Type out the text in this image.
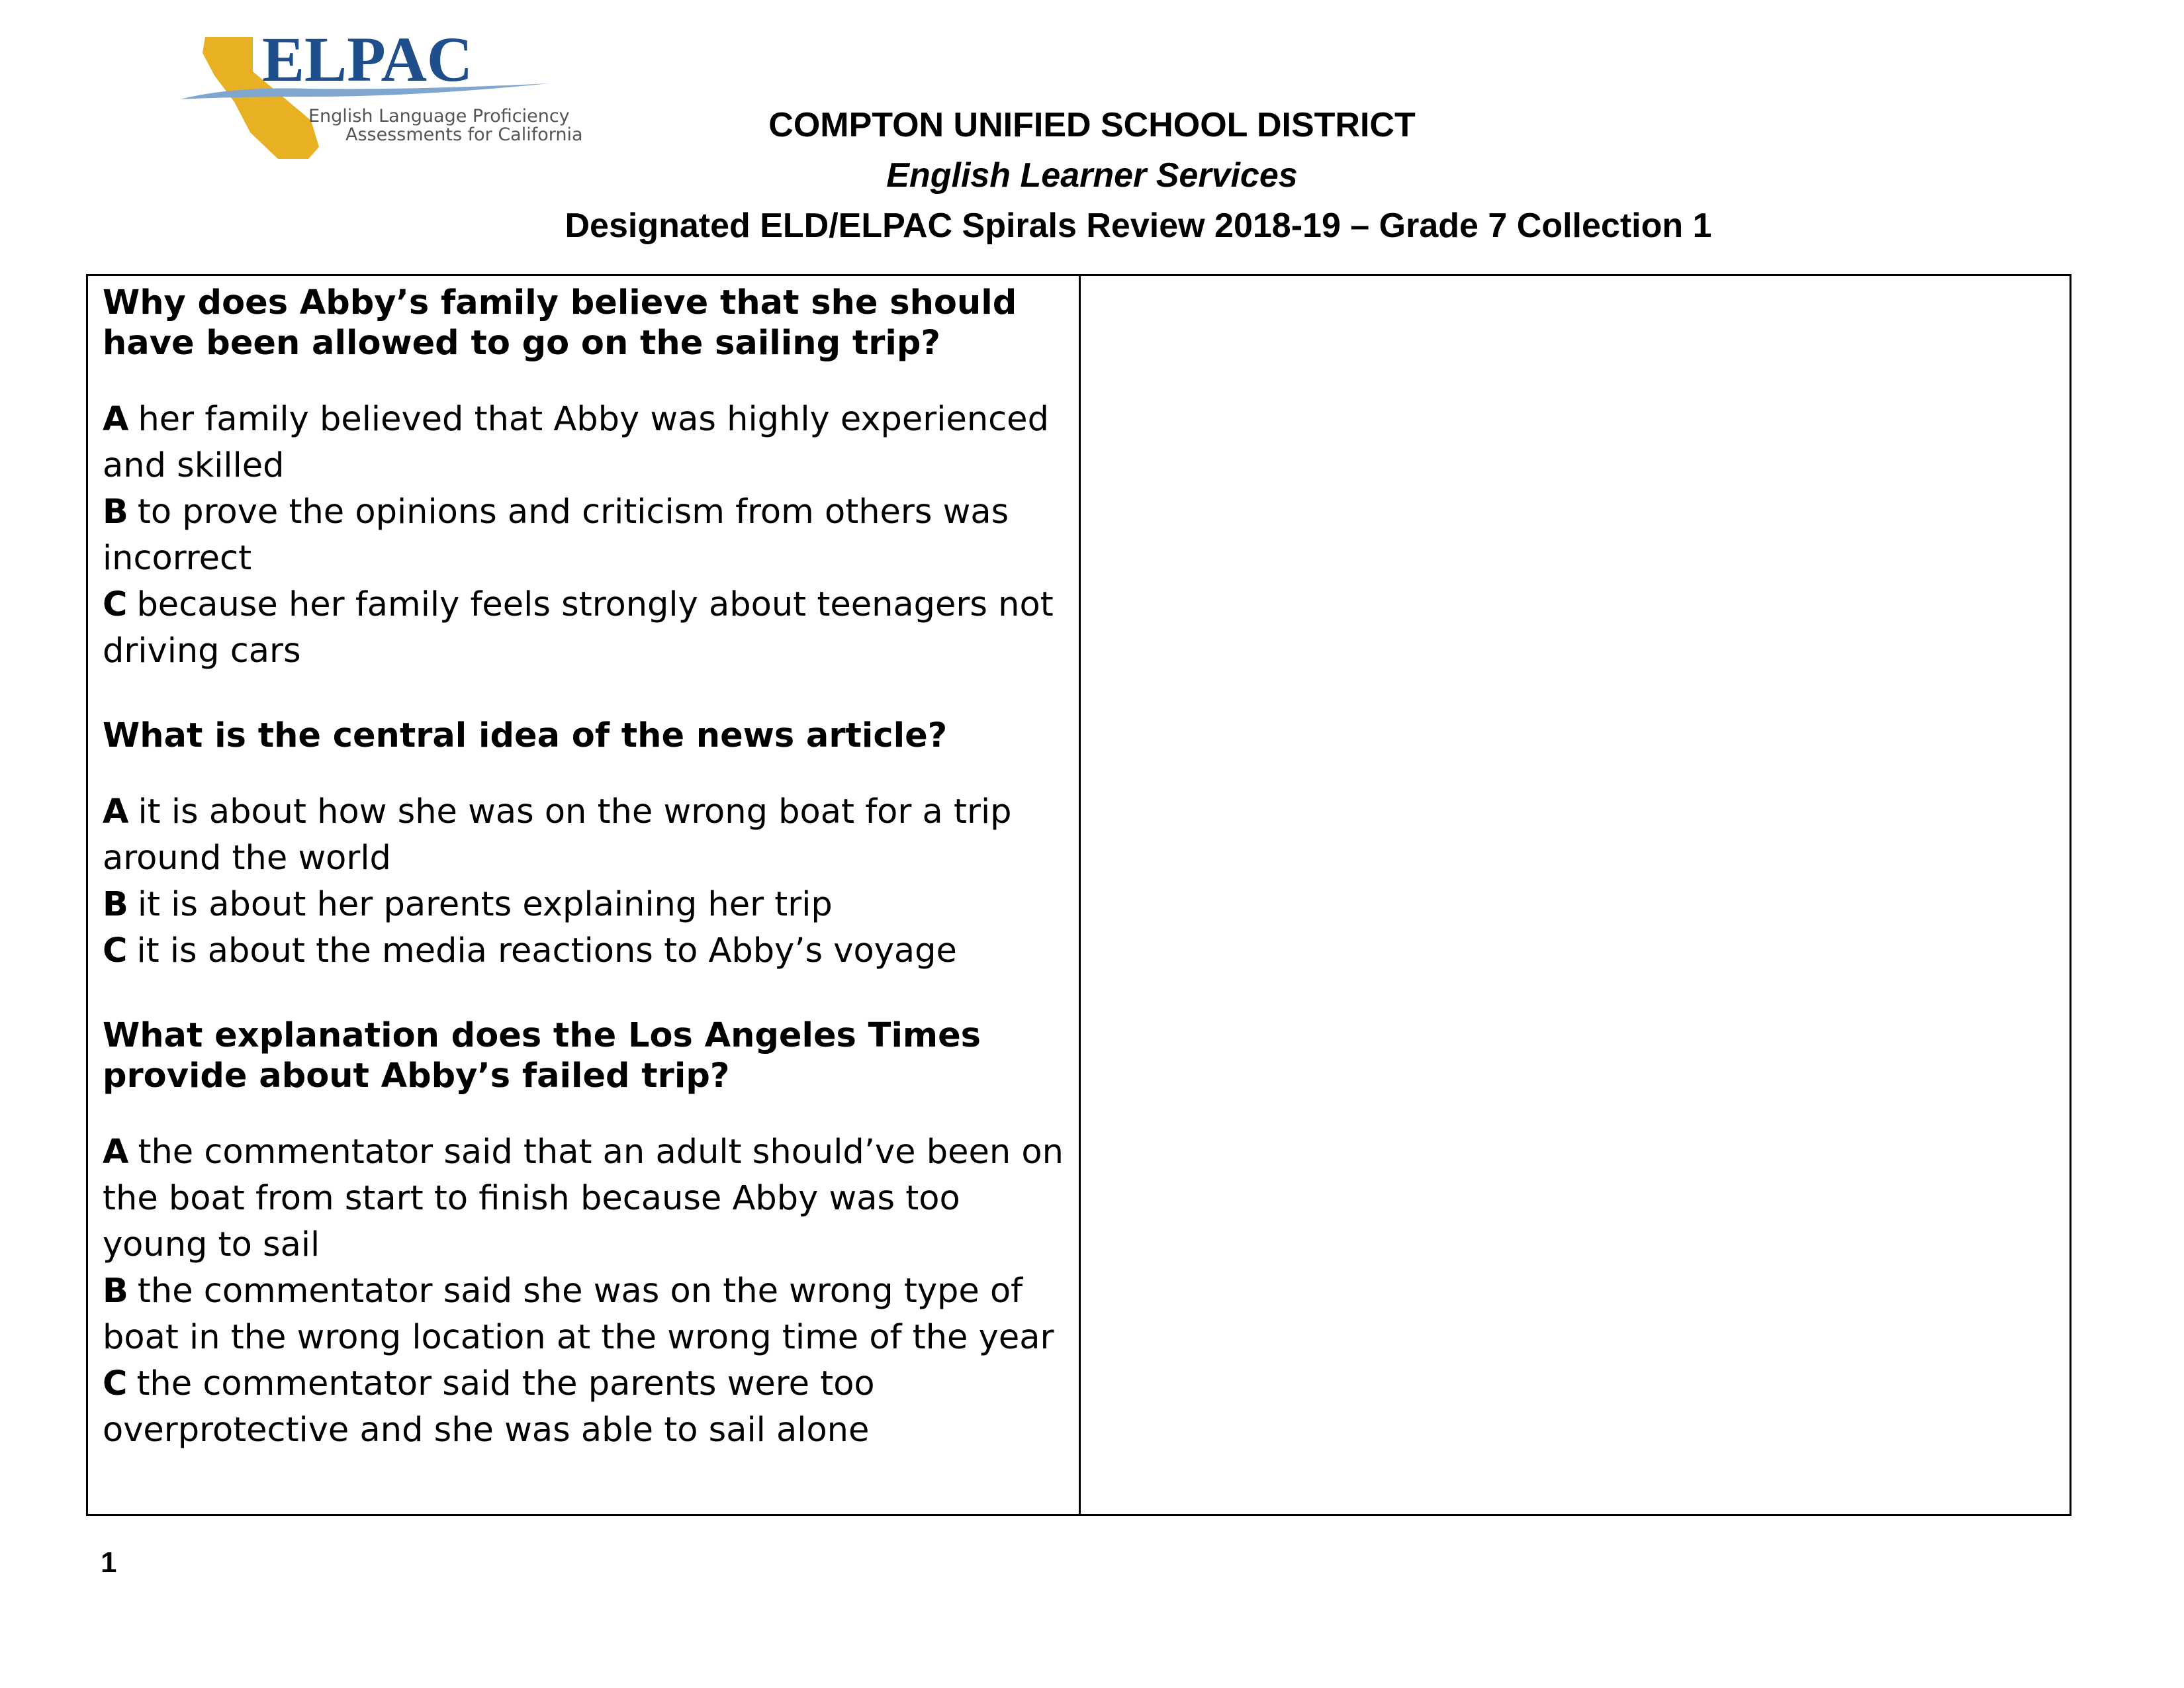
ELPAC
English Language Proficiency
Assessments for California	COMPTON UNIFIED SCHOOL DISTRICT
English Learner Services
Designated ELD/ELPAC Spirals Review 2018-19 – Grade 7 Collection 1

Why does Abby’s family believe that she should have been allowed to go on the sailing trip?

A her family believed that Abby was highly experienced and skilled

B to prove the opinions and criticism from others was incorrect

C because her family feels strongly about teenagers not driving cars

What is the central idea of the news article?

A it is about how she was on the wrong boat for a trip around the world

B it is about her parents explaining her trip

C it is about the media reactions to Abby’s voyage

What explanation does the Los Angeles Times provide about Abby’s failed trip?

A the commentator said that an adult should’ve been on the boat from start to finish because Abby was too young to sail

B the commentator said she was on the wrong type of boat in the wrong location at the wrong time of the year

C the commentator said the parents were too overprotective and she was able to sail alone

1
